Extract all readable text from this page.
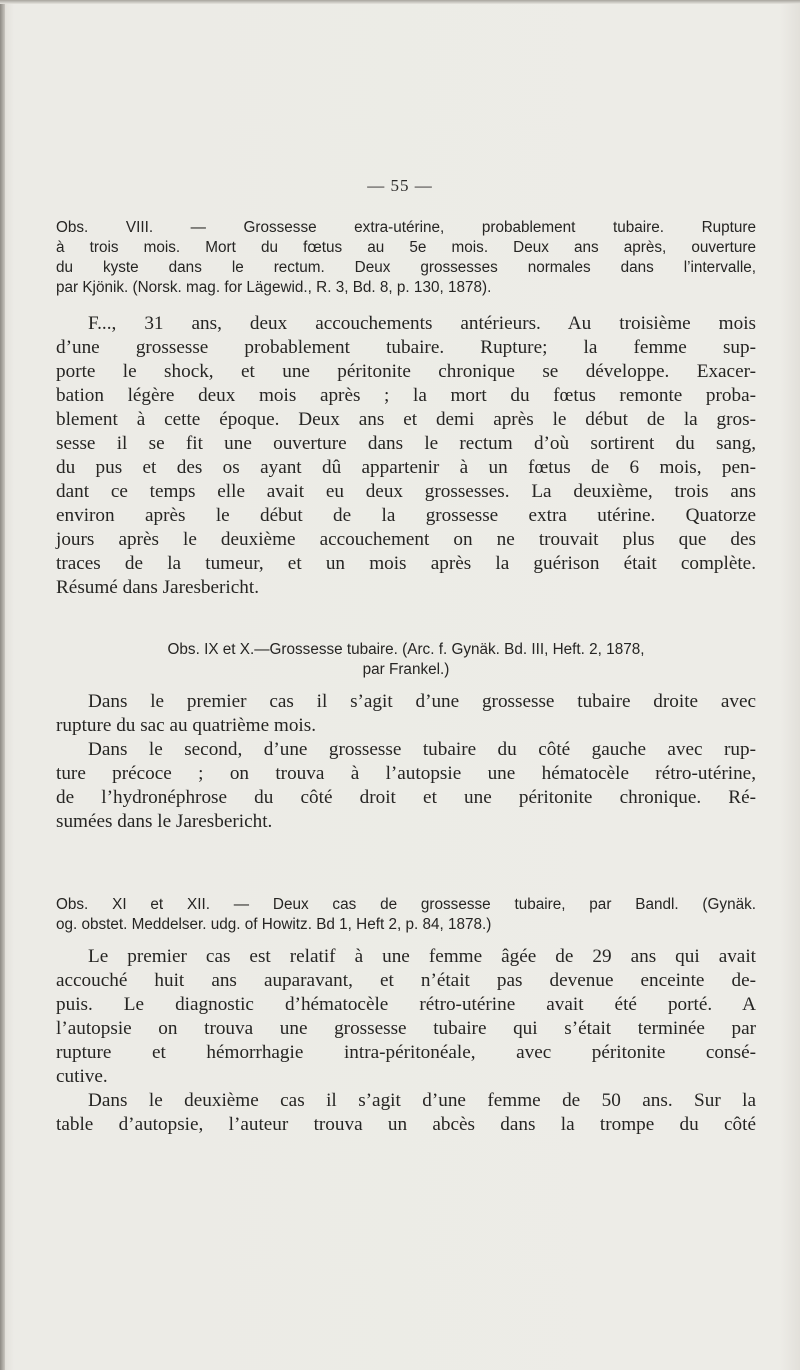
— 55 —
Obs. VIII. — Grossesse extra-utérine, probablement tubaire. Rupture
à trois mois. Mort du fœtus au 5e mois. Deux ans après, ouverture
du kyste dans le rectum. Deux grossesses normales dans l’intervalle,
par Kjönik. (Norsk. mag. for Lägewid., R. 3, Bd. 8, p. 130, 1878).
F..., 31 ans, deux accouchements antérieurs. Au troisième mois
d’une grossesse probablement tubaire. Rupture; la femme sup-
porte le shock, et une péritonite chronique se développe. Exacer-
bation légère deux mois après ; la mort du fœtus remonte proba-
blement à cette époque. Deux ans et demi après le début de la gros-
sesse il se fit une ouverture dans le rectum d’où sortirent du sang,
du pus et des os ayant dû appartenir à un fœtus de 6 mois, pen-
dant ce temps elle avait eu deux grossesses. La deuxième, trois ans
environ après le début de la grossesse extra utérine. Quatorze
jours après le deuxième accouchement on ne trouvait plus que des
traces de la tumeur, et un mois après la guérison était complète.
Résumé dans Jaresbericht.
Obs. IX et X.—Grossesse tubaire. (Arc. f. Gynäk. Bd. III, Heft. 2, 1878,
par Frankel.)
Dans le premier cas il s’agit d’une grossesse tubaire droite avec
rupture du sac au quatrième mois.
Dans le second, d’une grossesse tubaire du côté gauche avec rup-
ture précoce ; on trouva à l’autopsie une hématocèle rétro-utérine,
de l’hydronéphrose du côté droit et une péritonite chronique. Ré-
sumées dans le Jaresbericht.
Obs. XI et XII. — Deux cas de grossesse tubaire, par Bandl. (Gynäk.
og. obstet. Meddelser. udg. of Howitz. Bd 1, Heft 2, p. 84, 1878.)
Le premier cas est relatif à une femme âgée de 29 ans qui avait
accouché huit ans auparavant, et n’était pas devenue enceinte de-
puis. Le diagnostic d’hématocèle rétro-utérine avait été porté. A
l’autopsie on trouva une grossesse tubaire qui s’était terminée par
rupture et hémorrhagie intra-péritonéale, avec péritonite consé-
cutive.
Dans le deuxième cas il s’agit d’une femme de 50 ans. Sur la
table d’autopsie, l’auteur trouva un abcès dans la trompe du côté
